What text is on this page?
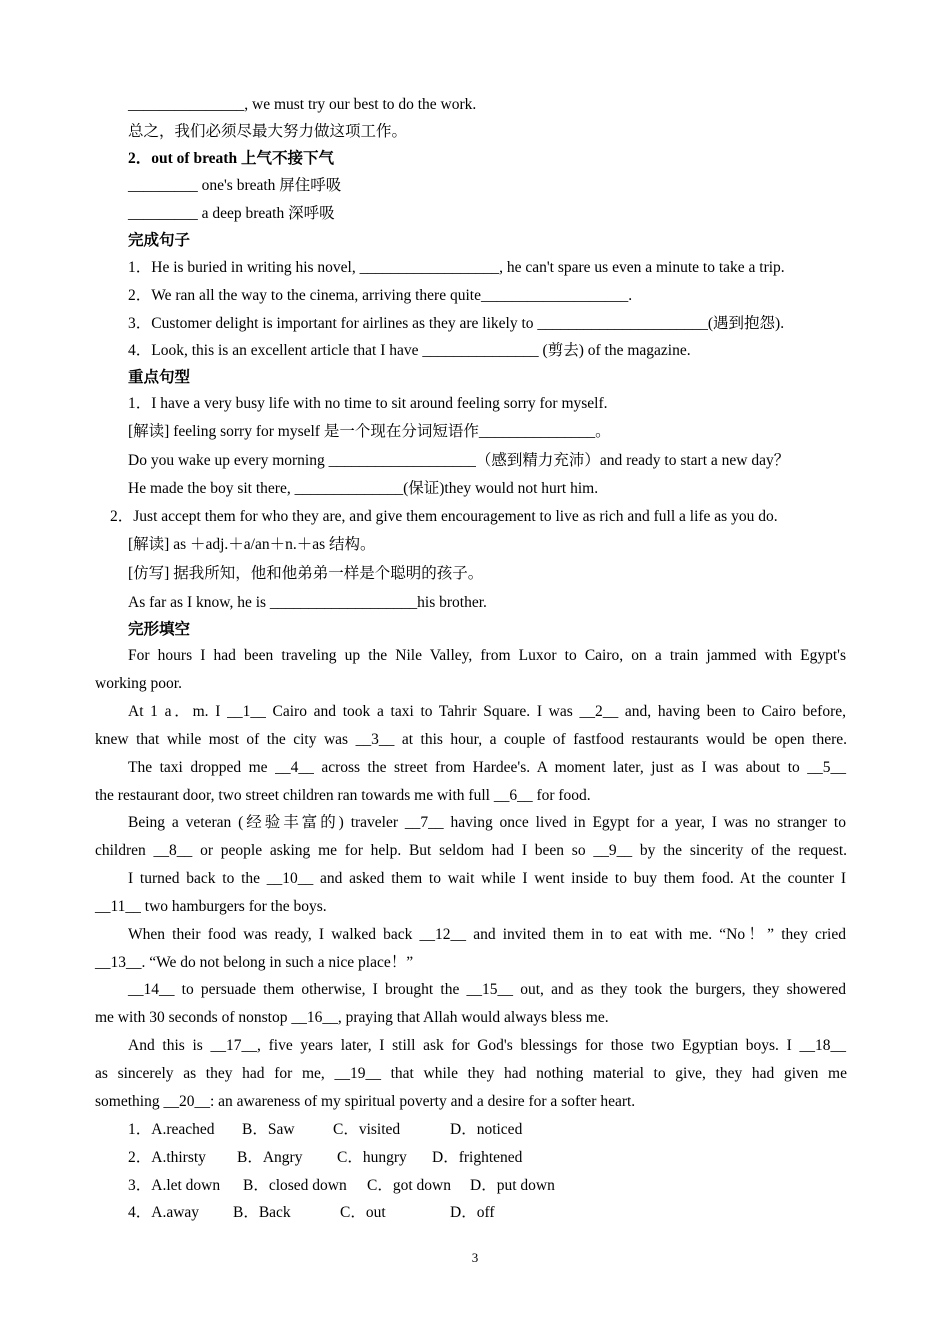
_______________, we must try our best to do the work.
总之，我们必须尽最大努力做这项工作。
2．out of breath 上气不接下气
_________ one's breath 屏住呼吸
_________ a deep breath 深呼吸
完成句子
1．He is buried in writing his novel, __________________, he can't spare us even a minute to take a trip.
2．We ran all the way to the cinema, arriving there quite___________________.
3．Customer delight is important for airlines as they are likely to ______________________(遇到抱怨).
4．Look, this is an excellent article that I have _______________ (剪去) of the magazine.
重点句型
1．I have a very busy life with no time to sit around feeling sorry for myself.
[解读] feeling sorry for myself 是一个现在分词短语作_______________。
Do you wake up every morning ___________________（感到精力充沛）and ready to start a new day？
He made the boy sit there, ______________(保证)they would not hurt him.
2．Just accept them for who they are, and give them encouragement to live as rich and full a life as you do.
[解读] as ＋adj.＋a/an＋n.＋as 结构。
[仿写] 据我所知，他和他弟弟一样是个聪明的孩子。
As far as I know, he is ___________________his brother.
完形填空
For hours I had been traveling up the Nile Valley, from Luxor to Cairo, on a train jammed with Egypt's
working poor.
At 1 a．m. I __1__ Cairo and took a taxi to Tahrir Square. I was __2__ and, having been to Cairo before,
knew that while most of the city was __3__ at this hour, a couple of fastfood restaurants would be open there.
The taxi dropped me __4__ across the street from Hardee's. A moment later, just as I was about to __5__
the restaurant door, two street children ran towards me with full __6__ for food.
Being a veteran (经验丰富的) traveler __7__ having once lived in Egypt for a year, I was no stranger to
children __8__ or people asking me for help. But seldom had I been so __9__ by the sincerity of the request.
I turned back to the __10__ and asked them to wait while I went inside to buy them food. At the counter I
__11__ two hamburgers for the boys.
When their food was ready, I walked back __12__ and invited them in to eat with me. “No！” they cried
__13__. “We do not belong in such a nice place！”
__14__ to persuade them otherwise, I brought the __15__ out, and as they took the burgers, they showered
me with 30 seconds of nonstop __16__, praying that Allah would always bless me.
And this is __17__, five years later, I still ask for God's blessings for those two Egyptian boys. I __18__
as sincerely as they had for me, __19__ that while they had nothing material to give, they had given me
something __20__: an awareness of my spiritual poverty and a desire for a softer heart.
1．A.reached B．Saw C．visited	D．noticed
2．A.thirsty B．Angry C．hungry D．frightened
3．A.let down B．closed down C．got down D．put down
4．A.away B．Back	C．out	D．off
3
